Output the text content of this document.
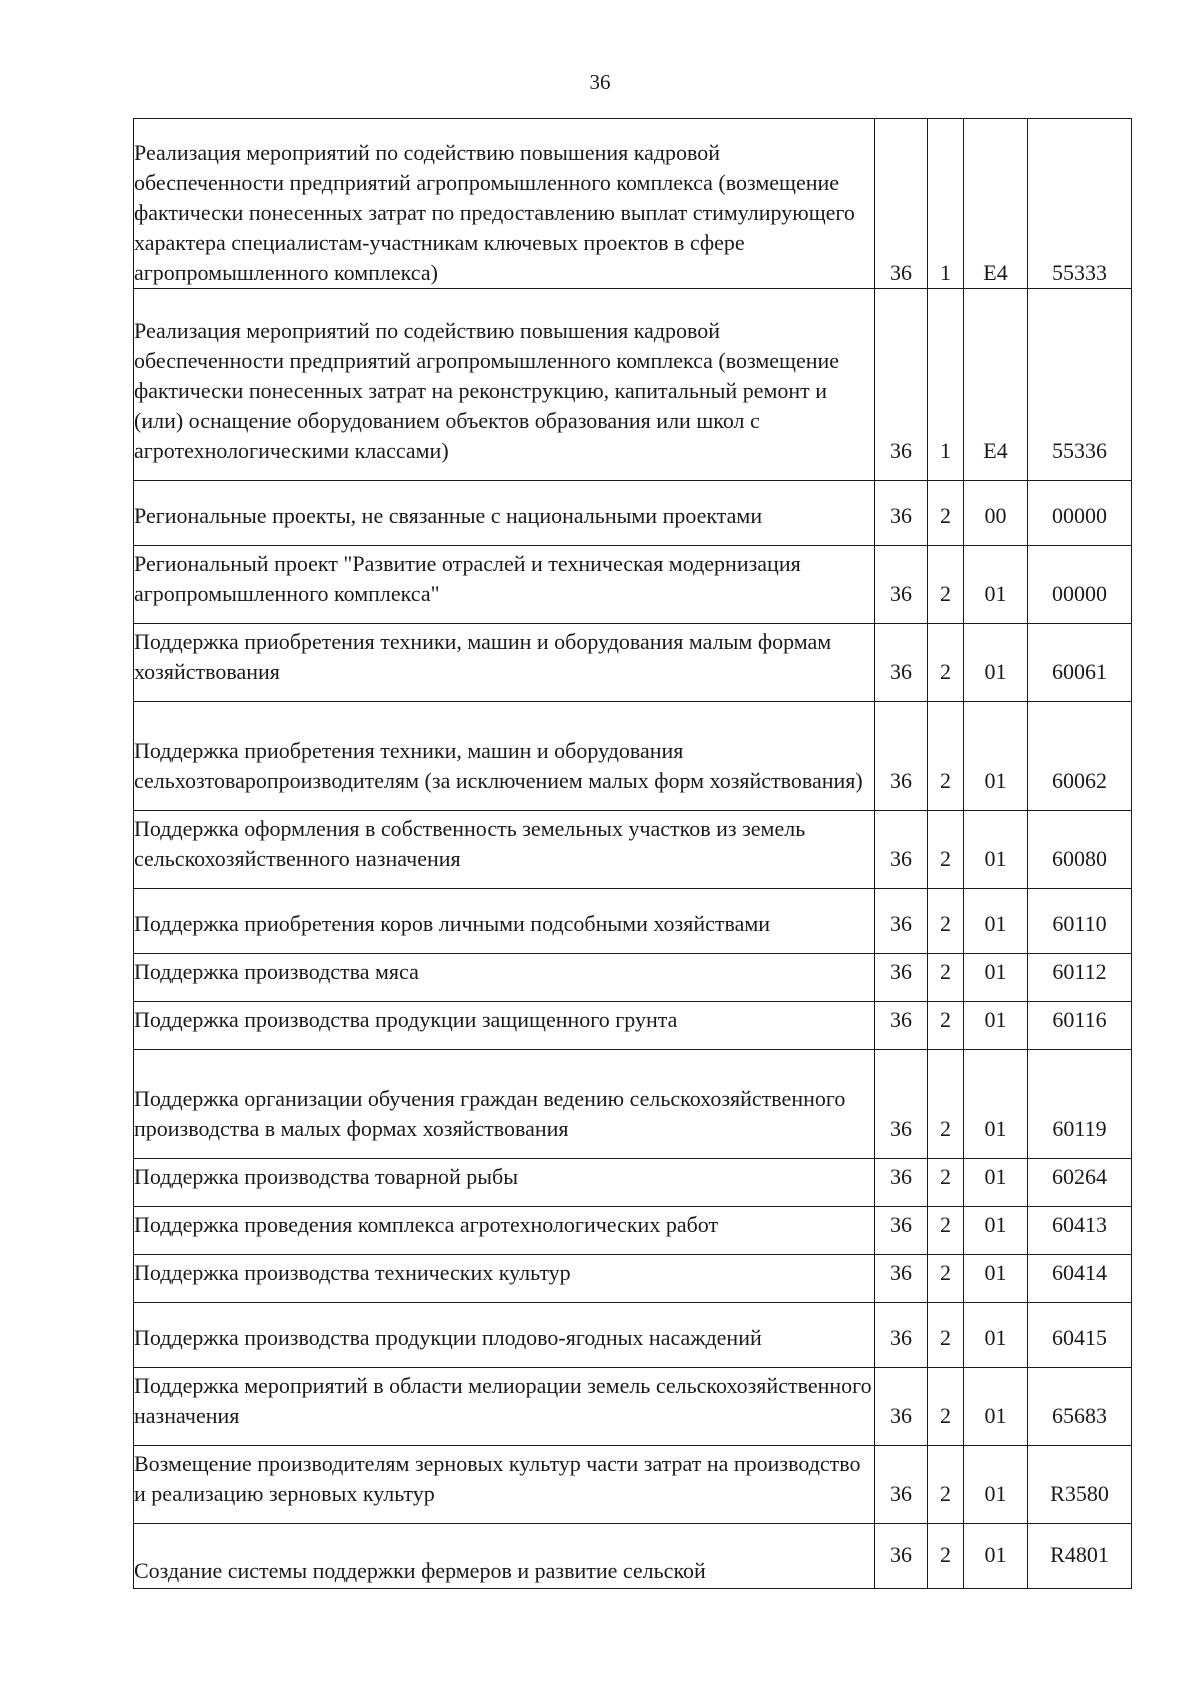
36
Реализация мероприятий по содействию повышения кадровой обеспеченности предприятий агропромышленного комплекса (возмещение фактически понесенных затрат по предоставлению выплат стимулирующего характера специалистам-участникам ключевых проектов в сфере агропромышленного комплекса)	36	1	Е4	55333
Реализация мероприятий по содействию повышения кадровой обеспеченности предприятий агропромышленного комплекса (возмещение фактически понесенных затрат на реконструкцию, капитальный ремонт и (или) оснащение оборудованием объектов образования или школ с агротехнологическими классами)	36	1	Е4	55336
Региональные проекты, не связанные с национальными проектами	36	2	00	00000
Региональный проект "Развитие отраслей и техническая модернизация агропромышленного комплекса"	36	2	01	00000
Поддержка приобретения техники, машин и оборудования малым формам хозяйствования	36	2	01	60061
Поддержка приобретения техники, машин и оборудования сельхозтоваропроизводителям (за исключением малых форм хозяйствования)	36	2	01	60062
Поддержка оформления в собственность земельных участков из земель сельскохозяйственного назначения	36	2	01	60080
Поддержка приобретения коров личными подсобными хозяйствами	36	2	01	60110
Поддержка производства мяса	36	2	01	60112
Поддержка производства продукции защищенного грунта	36	2	01	60116
Поддержка организации обучения граждан ведению сельскохозяйственного производства в малых формах хозяйствования	36	2	01	60119
Поддержка производства товарной рыбы	36	2	01	60264
Поддержка проведения комплекса агротехнологических работ	36	2	01	60413
Поддержка производства технических культур	36	2	01	60414
Поддержка производства продукции плодово-ягодных насаждений	36	2	01	60415
Поддержка мероприятий в области мелиорации земель сельскохозяйственного назначения	36	2	01	65683
Возмещение производителям зерновых культур части затрат на производство и реализацию зерновых культур	36	2	01	R3580
Создание системы поддержки фермеров и развитие сельской	36	2	01	R4801
